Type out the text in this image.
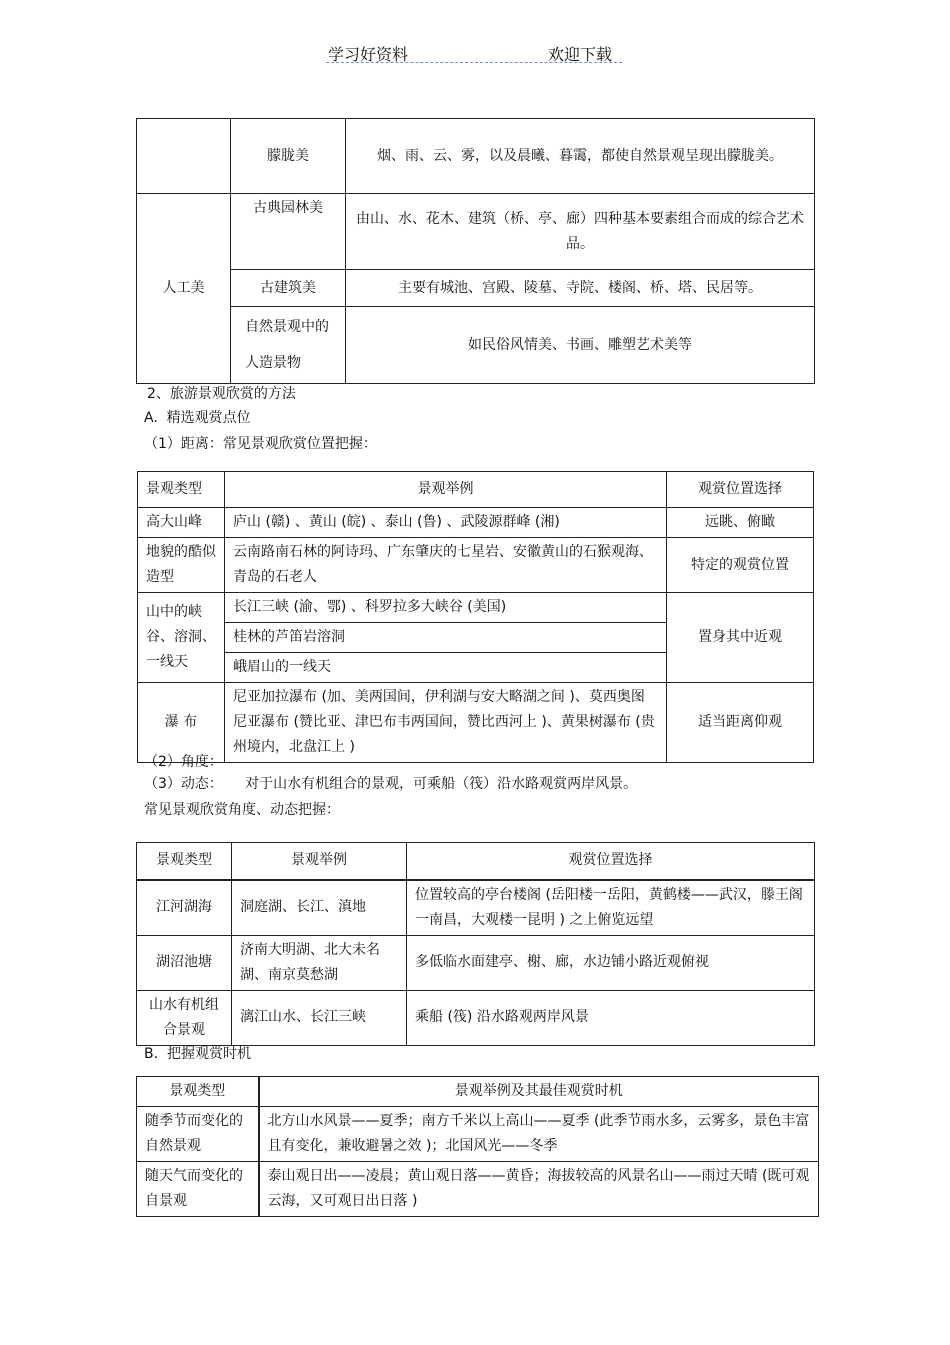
学习好资料	欢迎下载
	朦胧美	烟、雨、云、雾，以及晨曦、暮霭，都使自然景观呈现出朦胧美。
人工美	古典园林美	由山、水、花木、建筑（桥、亭、廊）四种基本要素组合而成的综合艺术品。
	古建筑美	主要有城池、宫殿、陵墓、寺院、楼阁、桥、塔、民居等。
	自然景观中的人造景物	如民俗风情美、书画、雕塑艺术美等
2、旅游景观欣赏的方法
A.  精选观赏点位
（1）距离：常见景观欣赏位置把握：
景观类型	景观举例	观赏位置选择
高大山峰	庐山 (赣) 、黄山 (皖) 、泰山 (鲁) 、武陵源群峰 (湘)	远眺、俯瞰
地貌的酷似造型	云南路南石林的阿诗玛、广东肇庆的七星岩、安徽黄山的石猴观海、青岛的石老人	特定的观赏位置
山中的峡谷、溶洞、一线天	长江三峡 (渝、鄂) 、科罗拉多大峡谷 (美国)	置身其中近观
	桂林的芦笛岩溶洞	
	峨眉山的一线天	
瀑 布	尼亚加拉瀑布 (加、美两国间，伊利湖与安大略湖之间 )、莫西奥图尼亚瀑布 (赞比亚、津巴布韦两国间，赞比西河上 )、黄果树瀑布 (贵州境内，北盘江上 )	适当距离仰观
（2）角度：
（3）动态：     对于山水有机组合的景观，可乘船（筏）沿水路观赏两岸风景。
常见景观欣赏角度、动态把握：
景观类型	景观举例	观赏位置选择
江河湖海	洞庭湖、长江、滇地	位置较高的亭台楼阁 (岳阳楼一岳阳，黄鹤楼——武汉，滕王阁一南昌，大观楼一昆明 ) 之上俯览远望
湖沼池塘	济南大明湖、北大未名湖、南京莫愁湖	多低临水面建亭、榭、廊，水边铺小路近观俯视
山水有机组合景观	漓江山水、长江三峡	乘船 (筏) 沿水路观两岸风景
B.  把握观赏时机
景观类型	景观举例及其最佳观赏时机
随季节而变化的自然景观	北方山水风景——夏季；南方千米以上高山——夏季 (此季节雨水多，云雾多，景色丰富且有变化，兼收避暑之效 )；北国风光——冬季
随天气而变化的自景观	泰山观日出——凌晨；黄山观日落——黄昏；海拔较高的风景名山——雨过天晴 (既可观云海，又可观日出日落 )
